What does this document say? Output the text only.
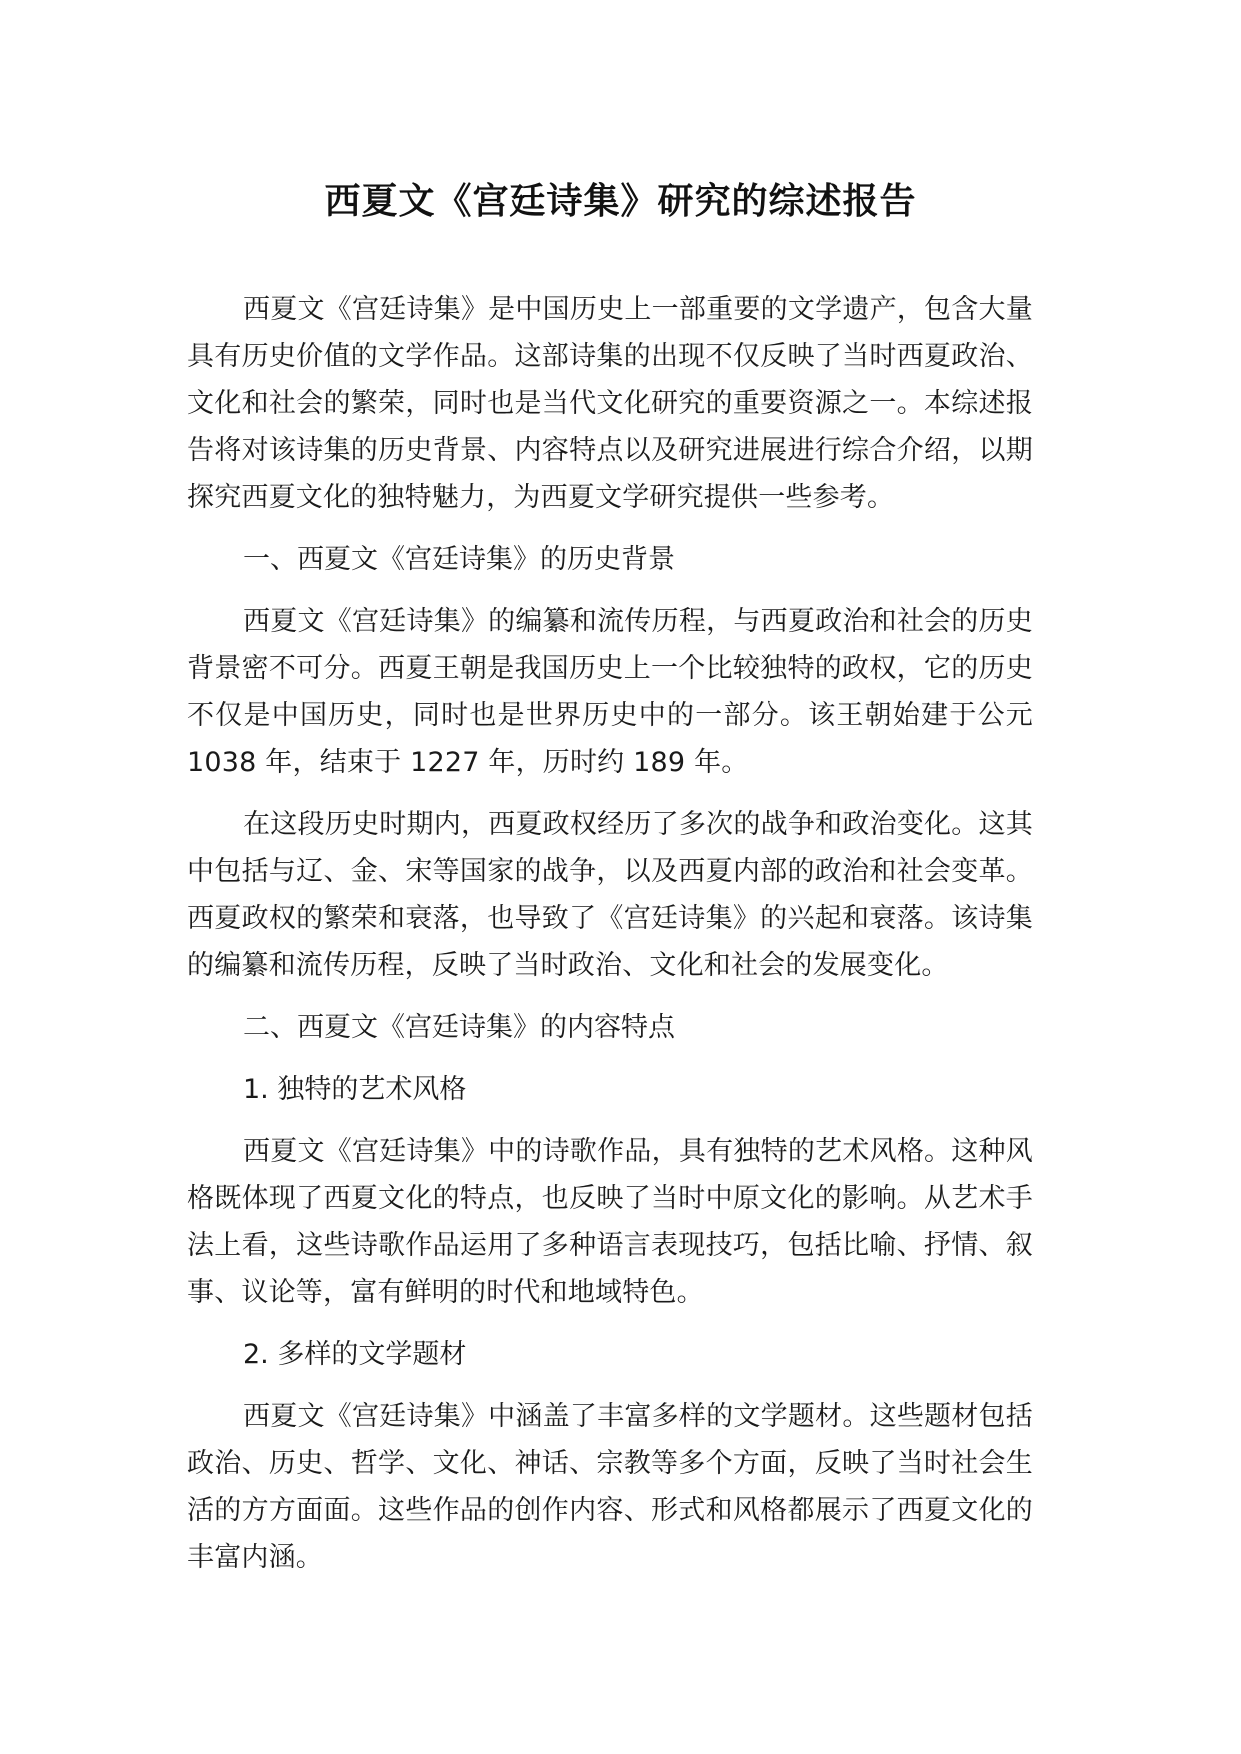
西夏文《宫廷诗集》研究的综述报告

西夏文《宫廷诗集》是中国历史上一部重要的文学遗产，包含大量具有历史价值的文学作品。这部诗集的出现不仅反映了当时西夏政治、文化和社会的繁荣，同时也是当代文化研究的重要资源之一。本综述报告将对该诗集的历史背景、内容特点以及研究进展进行综合介绍，以期探究西夏文化的独特魅力，为西夏文学研究提供一些参考。

一、西夏文《宫廷诗集》的历史背景

西夏文《宫廷诗集》的编纂和流传历程，与西夏政治和社会的历史背景密不可分。西夏王朝是我国历史上一个比较独特的政权，它的历史不仅是中国历史，同时也是世界历史中的一部分。该王朝始建于公元 1038 年，结束于 1227 年，历时约 189 年。

在这段历史时期内，西夏政权经历了多次的战争和政治变化。这其中包括与辽、金、宋等国家的战争，以及西夏内部的政治和社会变革。西夏政权的繁荣和衰落，也导致了《宫廷诗集》的兴起和衰落。该诗集的编纂和流传历程，反映了当时政治、文化和社会的发展变化。

二、西夏文《宫廷诗集》的内容特点

1. 独特的艺术风格

西夏文《宫廷诗集》中的诗歌作品，具有独特的艺术风格。这种风格既体现了西夏文化的特点，也反映了当时中原文化的影响。从艺术手法上看，这些诗歌作品运用了多种语言表现技巧，包括比喻、抒情、叙事、议论等，富有鲜明的时代和地域特色。

2. 多样的文学题材

西夏文《宫廷诗集》中涵盖了丰富多样的文学题材。这些题材包括政治、历史、哲学、文化、神话、宗教等多个方面，反映了当时社会生活的方方面面。这些作品的创作内容、形式和风格都展示了西夏文化的丰富内涵。
